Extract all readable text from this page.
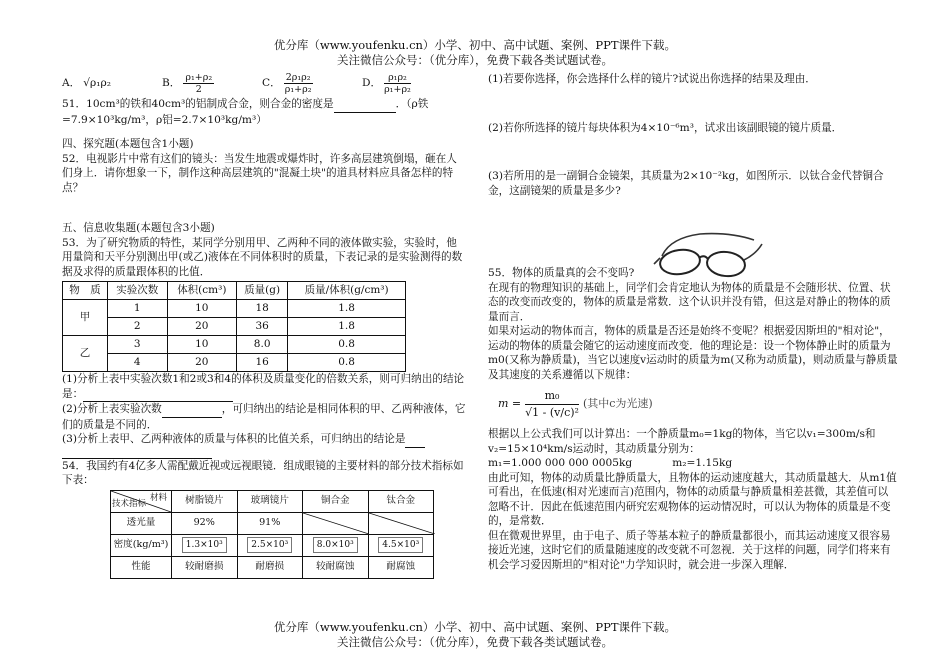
优分库（www.youfenku.cn）小学、初中、高中试题、案例、PPT课件下载。
关注微信公众号：（优分库），免费下载各类试题试卷。
A． √ρ₁ρ₂	B． $\frac{\text{ρ₁+ρ₂}}{2}$	C． $\frac{\text{2ρ₁ρ₂}}{\text{ρ₁+ρ₂}}$	D． $\frac{\text{ρ₁ρ₂}}{\text{ρ₁+ρ₂}}$

51．10cm³的铁和40cm³的铝制成合金，则合金的密度是	．（ρ铁=7.9×10³kg/m³，ρ铝=2.7×10³kg/m³）

四、探究题(本题包含1小题)

52．电视影片中常有这们的镜头：当发生地震或爆炸时，许多高层建筑倒塌，砸在人们身上．请你想象一下，制作这种高层建筑的"混凝土块"的道具材料应具备怎样的特点？

五、信息收集题(本题包含3小题)

53．为了研究物质的特性，某同学分别用甲、乙两种不同的液体做实验，实验时，他用量筒和天平分别测出甲(或乙)液体在不同体积时的质量，下表记录的是实验测得的数据及求得的质量跟体积的比值．

物　质	实验次数	体积(cm³)	质量(g)	质量/体积(g/cm³)
甲	1	10	18	1.8
	2	20	36	1.8
乙	3	10	8.0	0.8
	4	20	16	0.8

(1)分析上表中实验次数1和2或3和4的体积及质量变化的倍数关系，则可归纳出的结论是：

(2)分析上表实验次数	，可归纳出的结论是相同体积的甲、乙两种液体，它们的质量是不同的．

(3)分析上表甲、乙两种液体的质量与体积的比值关系，可归纳出的结论是

54．我国约有4亿多人需配戴近视或远视眼镜．组成眼镜的主要材料的部分技术指标如下表：

材料
技术指标	树脂镜片	玻璃镜片	铜合金	钛合金
透光量	92%	91%	

密度(kg/m³)	1.3×10³	2.5×10³	8.0×10³	4.5×10³
性能	较耐磨损	耐磨损	较耐腐蚀	耐腐蚀

(1)若要你选择，你会选择什么样的镜片?试说出你选择的结果及理由．

(2)若你所选择的镜片每块体积为4×10⁻⁶m³，试求出该副眼镜的镜片质量．

(3)若所用的是一副铜合金镜架，其质量为2×10⁻²kg，如图所示．以钛合金代替铜合金，这副镜架的质量是多少?

55．物体的质量真的会不变吗?

在现有的物理知识的基础上，同学们会肯定地认为物体的质量是不会随形状、位置、状态的改变而改变的，物体的质量是常数．这个认识并没有错，但这是对静止的物体的质量而言．

如果对运动的物体而言，物体的质量是否还是始终不变呢？根据爱因斯坦的"相对论"，运动的物体的质量会随它的运动速度而改变．他的理论是：设一个物体静止时的质量为m0(又称为静质量)，当它以速度v运动时的质量为m(又称为动质量)，则动质量与静质量及其速度的关系遵循以下规律：

$m = \frac{\text{m₀}}{\text{√1 - (v/c)²}}$ (其中c为光速)

根据以上公式我们可以计算出：一个静质量m₀=1kg的物体，当它以v₁=300m/s和v₂=15×10⁴km/s运动时，其动质量分别为：

m₁=1.000 000 000 0005kg	m₂=1.15kg

由此可知，物体的动质量比静质量大，且物体的运动速度越大，其动质量越大．从m1值可看出，在低速(相对光速而言)范围内，物体的动质量与静质量相差甚微，其差值可以忽略不计．因此在低速范围内研究宏观物体的运动情况时，可以认为物体的质量是不变的，是常数．

但在微观世界里，由于电子、质子等基本粒子的静质量都很小，而其运动速度又很容易接近光速，这时它们的质量随速度的改变就不可忽视．关于这样的问题，同学们将来有机会学习爱因斯坦的"相对论"力学知识时，就会进一步深入理解．

优分库（www.youfenku.cn）小学、初中、高中试题、案例、PPT课件下载。
关注微信公众号：（优分库），免费下载各类试题试卷。
